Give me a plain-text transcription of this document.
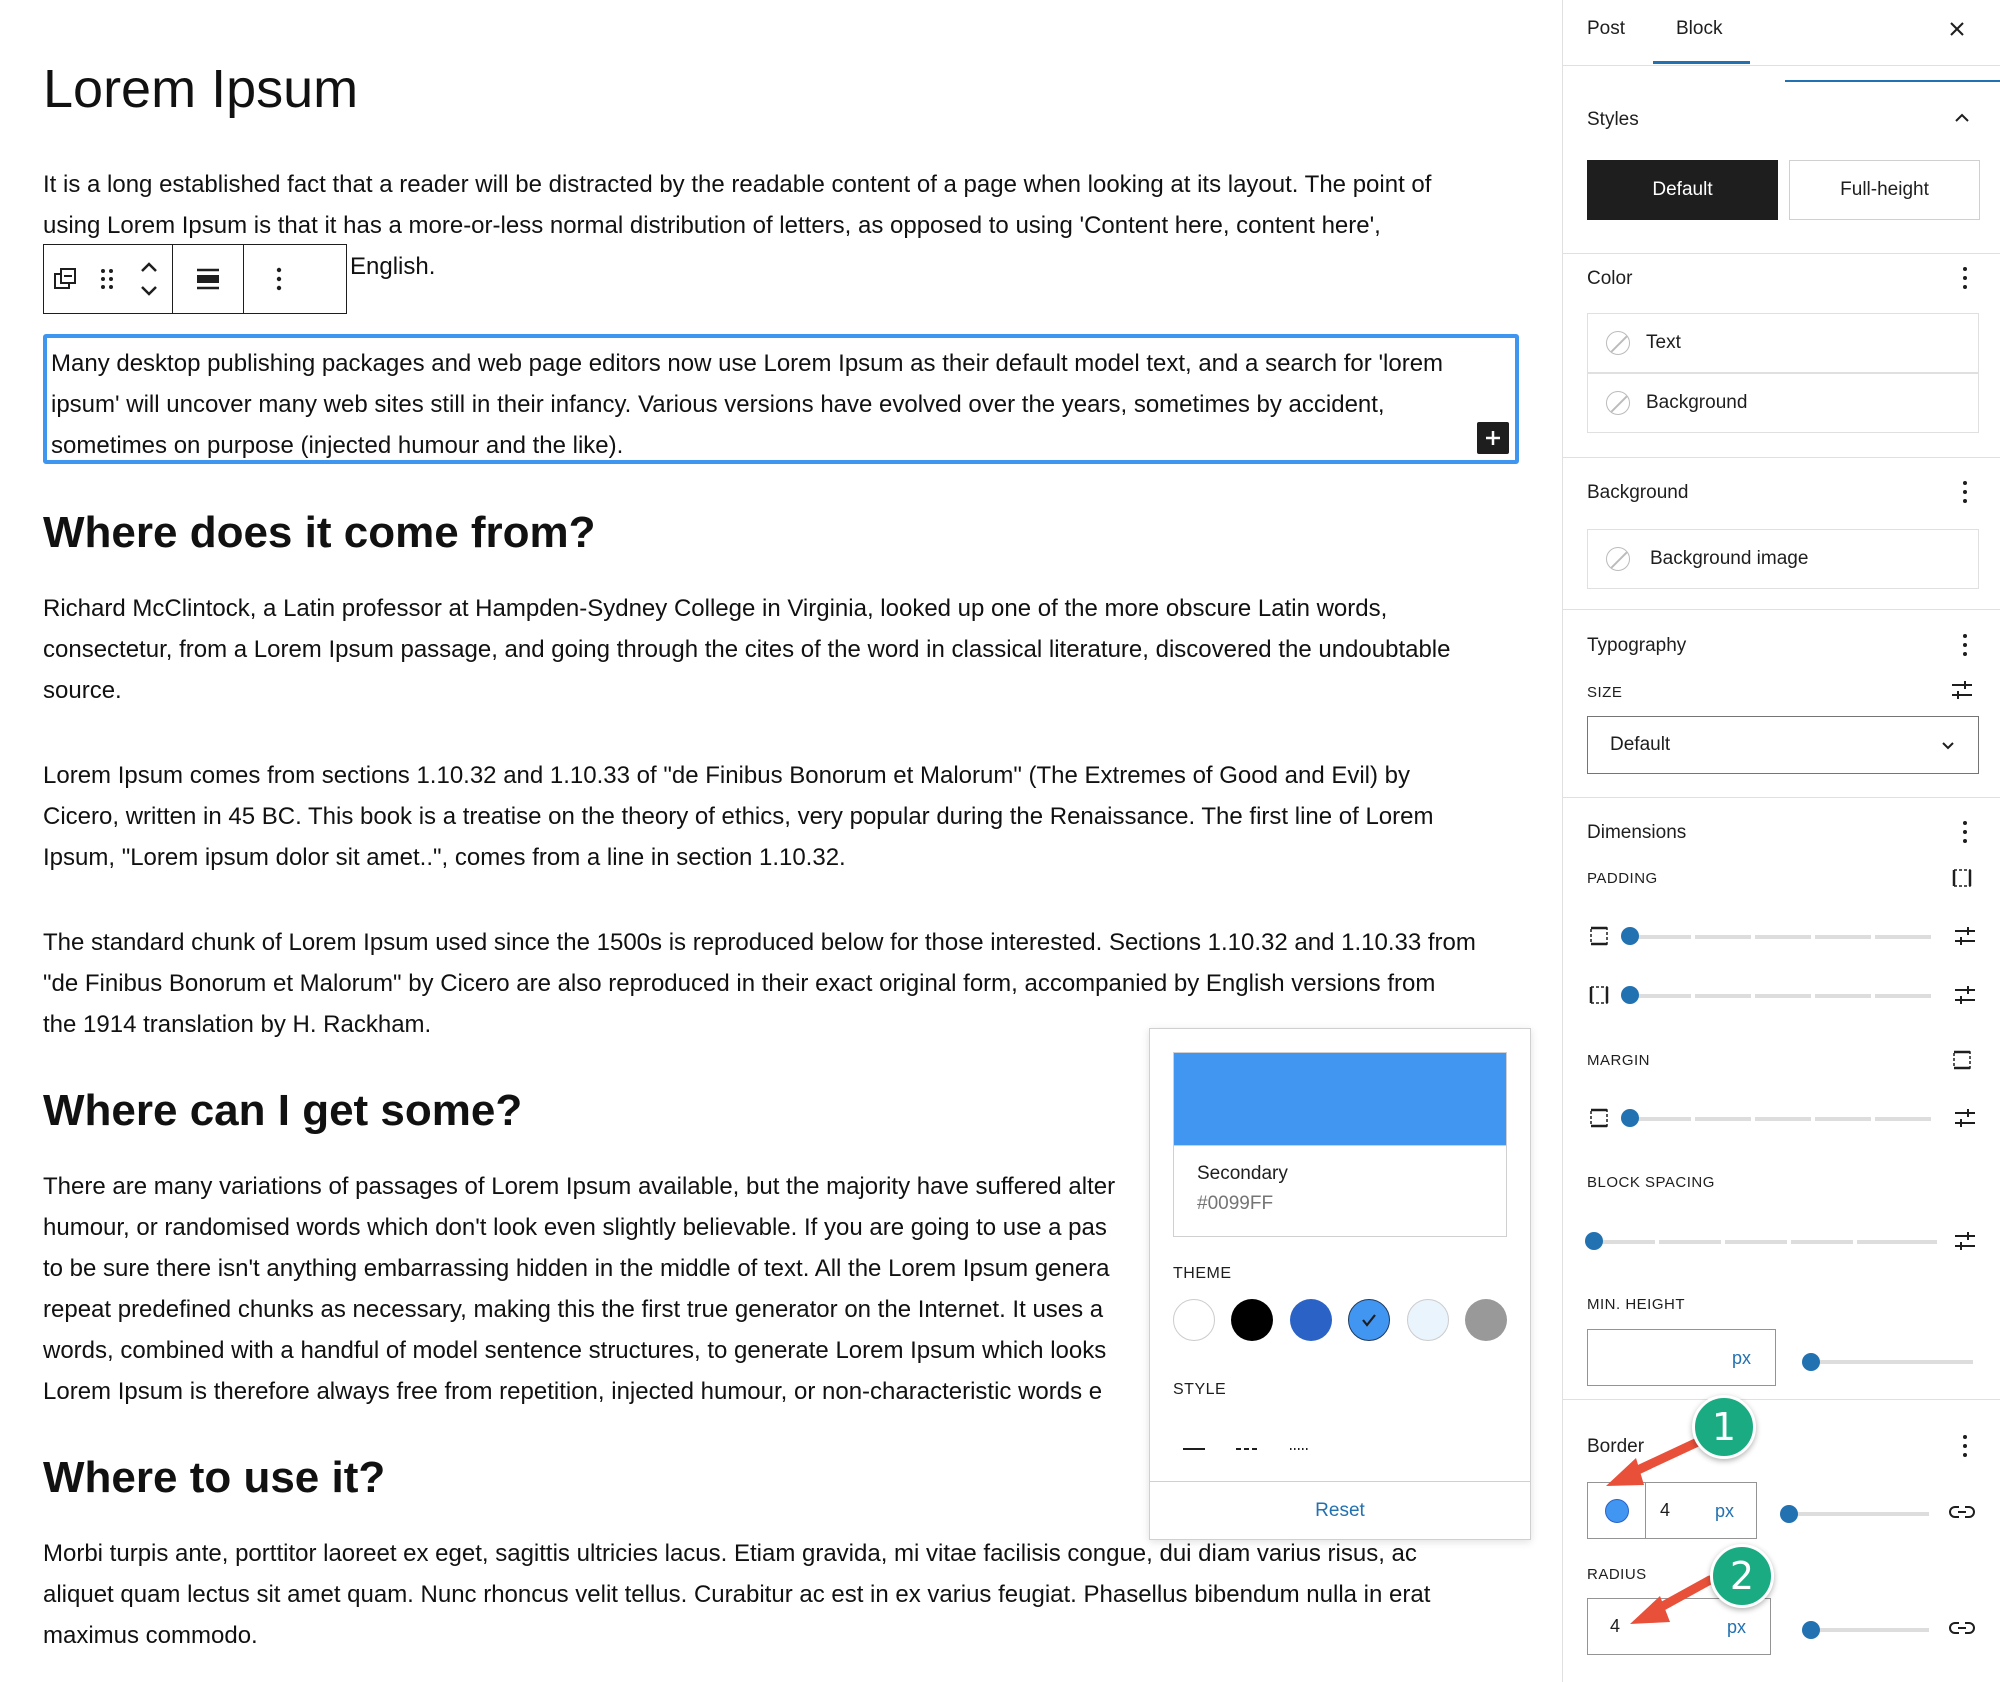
Lorem Ipsum
It is a long established fact that a reader will be distracted by the readable content of a page when looking at its layout. The point of
using Lorem Ipsum is that it has a more-or-less normal distribution of letters, as opposed to using 'Content here, content here',
English.
Many desktop publishing packages and web page editors now use Lorem Ipsum as their default model text, and a search for 'lorem
ipsum' will uncover many web sites still in their infancy. Various versions have evolved over the years, sometimes by accident,
sometimes on purpose (injected humour and the like).
Where does it come from?
Richard McClintock, a Latin professor at Hampden-Sydney College in Virginia, looked up one of the more obscure Latin words,
consectetur, from a Lorem Ipsum passage, and going through the cites of the word in classical literature, discovered the undoubtable
source.
Lorem Ipsum comes from sections 1.10.32 and 1.10.33 of "de Finibus Bonorum et Malorum" (The Extremes of Good and Evil) by
Cicero, written in 45 BC. This book is a treatise on the theory of ethics, very popular during the Renaissance. The first line of Lorem
Ipsum, "Lorem ipsum dolor sit amet..", comes from a line in section 1.10.32.
The standard chunk of Lorem Ipsum used since the 1500s is reproduced below for those interested. Sections 1.10.32 and 1.10.33 from
"de Finibus Bonorum et Malorum" by Cicero are also reproduced in their exact original form, accompanied by English versions from
the 1914 translation by H. Rackham.
Where can I get some?
There are many variations of passages of Lorem Ipsum available, but the majority have suffered alter
humour, or randomised words which don't look even slightly believable. If you are going to use a pas
to be sure there isn't anything embarrassing hidden in the middle of text. All the Lorem Ipsum genera
repeat predefined chunks as necessary, making this the first true generator on the Internet. It uses a
words, combined with a handful of model sentence structures, to generate Lorem Ipsum which looks
Lorem Ipsum is therefore always free from repetition, injected humour, or non-characteristic words e
Where to use it?
Morbi turpis ante, porttitor laoreet ex eget, sagittis ultricies lacus. Etiam gravida, mi vitae facilisis congue, dui diam varius risus, ac
aliquet quam lectus sit amet quam. Nunc rhoncus velit tellus. Curabitur ac est in ex varius feugiat. Phasellus bibendum nulla in erat
maximus commodo.
Secondary
#0099FF
THEME
STYLE
Reset
Post	Block
Styles
Default	Full-height
Color
Text
Background
Background
Background image
Typography
SIZE
Default
Dimensions
PADDING
MARGIN
BLOCK SPACING
MIN. HEIGHT
px
Border
4 px
RADIUS
4	px
1
2
